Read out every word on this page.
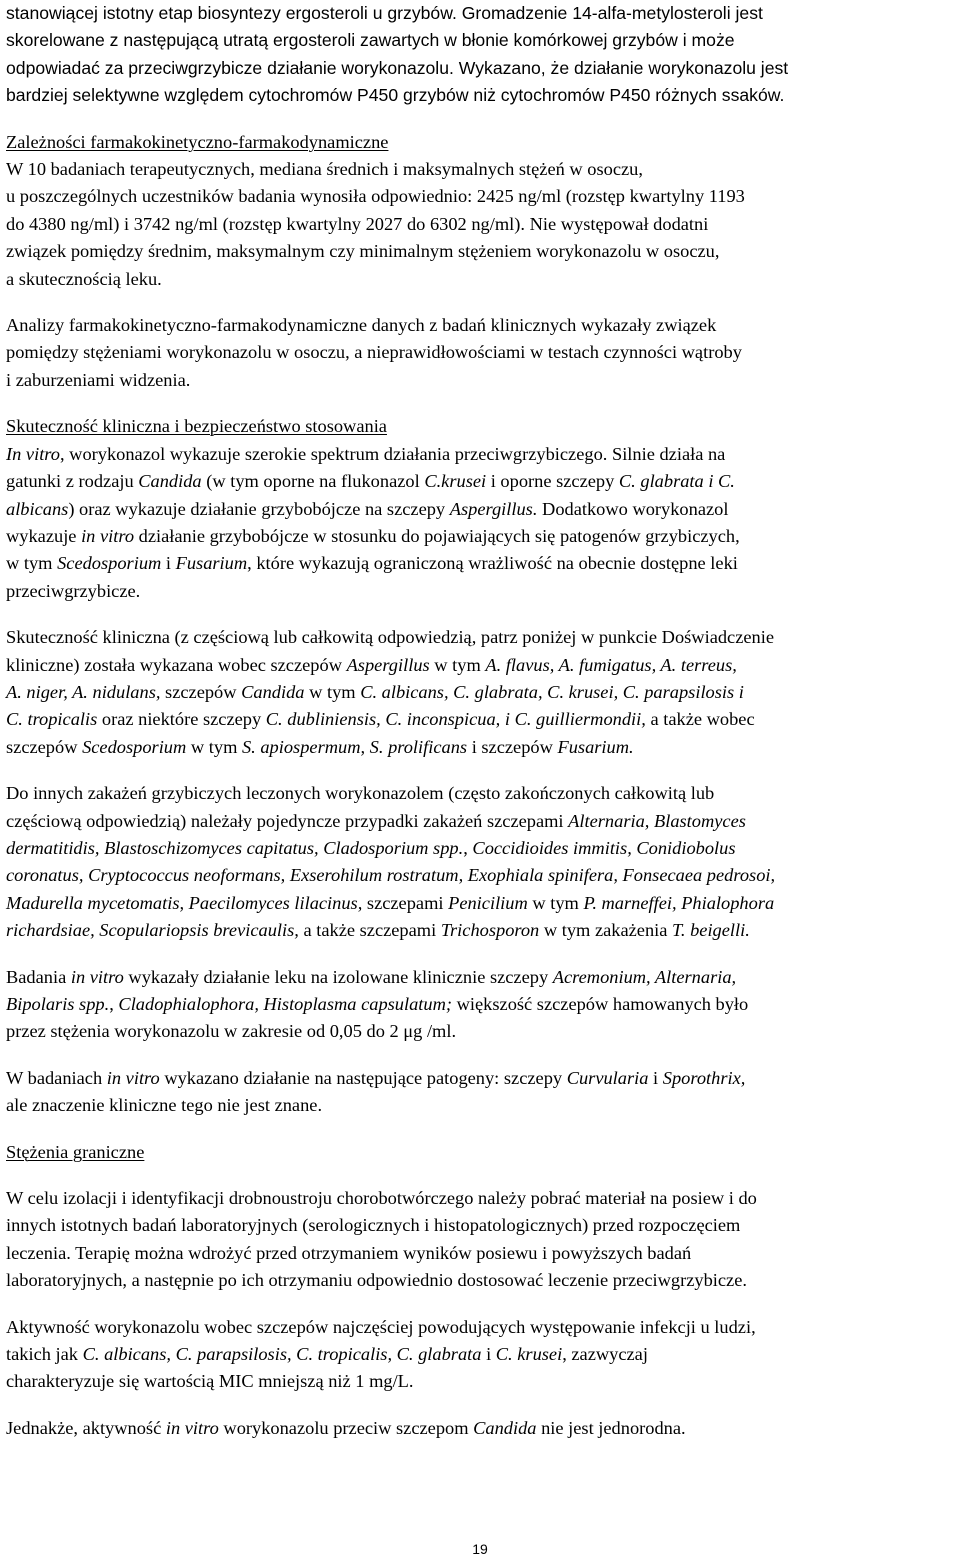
stanowiącej istotny etap biosyntezy ergosteroli u grzybów. Gromadzenie 14-alfa-metylosteroli jest
skorelowane z następującą utratą ergosteroli zawartych w błonie komórkowej grzybów i może
odpowiadać za przeciwgrzybicze działanie worykonazolu. Wykazano, że działanie worykonazolu jest
bardziej selektywne względem cytochromów P450 grzybów niż cytochromów P450 różnych ssaków.
Zależności farmakokinetyczno-farmakodynamiczne
W 10 badaniach terapeutycznych, mediana średnich i maksymalnych stężeń w osoczu,
u poszczególnych uczestników badania wynosiła odpowiednio: 2425 ng/ml (rozstęp kwartylny 1193
do 4380 ng/ml) i 3742 ng/ml (rozstęp kwartylny 2027 do 6302 ng/ml). Nie występował dodatni
związek pomiędzy średnim, maksymalnym czy minimalnym stężeniem worykonazolu w osoczu,
a skutecznością leku.
Analizy farmakokinetyczno-farmakodynamiczne danych z badań klinicznych wykazały związek
pomiędzy stężeniami worykonazolu w osoczu, a nieprawidłowościami w testach czynności wątroby
i zaburzeniami widzenia.
Skuteczność kliniczna i bezpieczeństwo stosowania
In vitro, worykonazol wykazuje szerokie spektrum działania przeciwgrzybiczego. Silnie działa na
gatunki z rodzaju Candida (w tym oporne na flukonazol C.krusei i oporne szczepy C. glabrata i C.
albicans) oraz wykazuje działanie grzybobójcze na szczepy Aspergillus. Dodatkowo worykonazol
wykazuje in vitro działanie grzybobójcze w stosunku do pojawiających się patogenów grzybiczych,
w tym Scedosporium i Fusarium, które wykazują ograniczoną wrażliwość na obecnie dostępne leki
przeciwgrzybicze.
Skuteczność kliniczna (z częściową lub całkowitą odpowiedzią, patrz poniżej w punkcie Doświadczenie
kliniczne) została wykazana wobec szczepów Aspergillus w tym A. flavus, A. fumigatus, A. terreus,
A. niger, A. nidulans, szczepów Candida w tym C. albicans, C. glabrata, C. krusei, C. parapsilosis i
C. tropicalis oraz niektóre szczepy C. dubliniensis, C. inconspicua, i C. guilliermondii, a także wobec
szczepów Scedosporium w tym S. apiospermum, S. prolificans i szczepów Fusarium.
Do innych zakażeń grzybiczych leczonych worykonazolem (często zakończonych całkowitą lub
częściową odpowiedzią) należały pojedyncze przypadki zakażeń szczepami Alternaria, Blastomyces
dermatitidis, Blastoschizomyces capitatus, Cladosporium spp., Coccidioides immitis, Conidiobolus
coronatus, Cryptococcus neoformans, Exserohilum rostratum, Exophiala spinifera, Fonsecaea pedrosoi,
Madurella mycetomatis, Paecilomyces lilacinus, szczepami Penicilium w tym P. marneffei, Phialophora
richardsiae, Scopulariopsis brevicaulis, a także szczepami Trichosporon w tym zakażenia T. beigelli.
Badania in vitro wykazały działanie leku na izolowane klinicznie szczepy Acremonium, Alternaria,
Bipolaris spp., Cladophialophora, Histoplasma capsulatum; większość szczepów hamowanych było
przez stężenia worykonazolu w zakresie od 0,05 do 2 μg /ml.
W badaniach in vitro wykazano działanie na następujące patogeny: szczepy Curvularia i Sporothrix,
ale znaczenie kliniczne tego nie jest znane.
Stężenia graniczne
W celu izolacji i identyfikacji drobnoustroju chorobotwórczego należy pobrać materiał na posiew i do
innych istotnych badań laboratoryjnych (serologicznych i histopatologicznych) przed rozpoczęciem
leczenia. Terapię można wdrożyć przed otrzymaniem wyników posiewu i powyższych badań
laboratoryjnych, a następnie po ich otrzymaniu odpowiednio dostosować leczenie przeciwgrzybicze.
Aktywność worykonazolu wobec szczepów najczęściej powodujących występowanie infekcji u ludzi,
takich jak C. albicans, C. parapsilosis, C. tropicalis, C. glabrata i C. krusei, zazwyczaj
charakteryzuje się wartością MIC mniejszą niż 1 mg/L.
Jednakże, aktywność in vitro worykonazolu przeciw szczepom Candida nie jest jednorodna.
19
